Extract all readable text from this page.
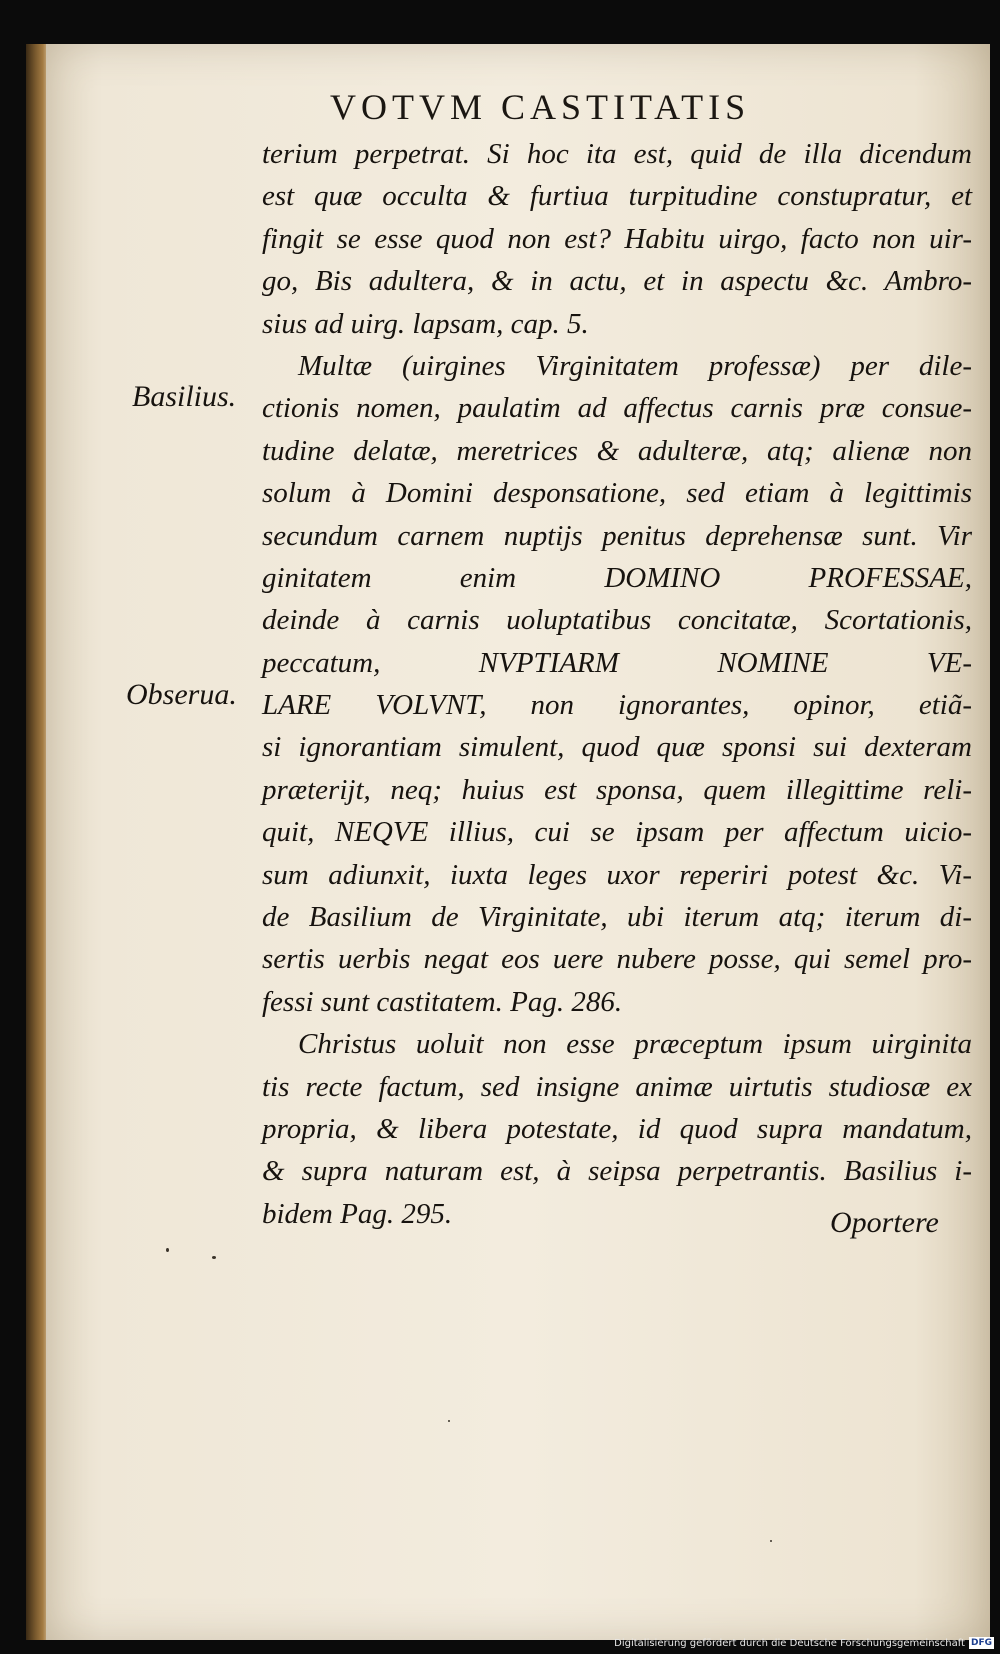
VOTVM CASTITATIS
terium perpetrat. Si hoc ita est, quid de illa dicendum
est quæ occulta & furtiua turpitudine constupratur, et
fingit se esse quod non est? Habitu uirgo, facto non uir-
go, Bis adultera, & in actu, et in aspectu &c. Ambro-
sius ad uirg. lapsam, cap. 5.
Multæ (uirgines Virginitatem professæ) per dile-
ctionis nomen, paulatim ad affectus carnis præ consue-
tudine delatæ, meretrices & adulteræ, atq; alienæ non
solum à Domini desponsatione, sed etiam à legittimis
secundum carnem nuptijs penitus deprehensæ sunt. Vir
ginitatem enim DOMINO PROFESSAE,
deinde à carnis uoluptatibus concitatæ, Scortationis,
peccatum, NVPTIARM NOMINE VE-
LARE VOLVNT, non ignorantes, opinor, etiã-
si ignorantiam simulent, quod quæ sponsi sui dexteram
præterijt, neq; huius est sponsa, quem illegittime reli-
quit, NEQVE illius, cui se ipsam per affectum uicio-
sum adiunxit, iuxta leges uxor reperiri potest &c. Vi-
de Basilium de Virginitate, ubi iterum atq; iterum di-
sertis uerbis negat eos uere nubere posse, qui semel pro-
fessi sunt castitatem. Pag. 286.
Christus uoluit non esse præceptum ipsum uirginita
tis recte factum, sed insigne animæ uirtutis studiosæ ex
propria, & libera potestate, id quod supra mandatum,
& supra naturam est, à seipsa perpetrantis. Basilius i-
bidem Pag. 295.
Basilius.
Obserua.
Oportere
Digitalisierung gefördert durch die Deutsche Forschungsgemeinschaft DFG
